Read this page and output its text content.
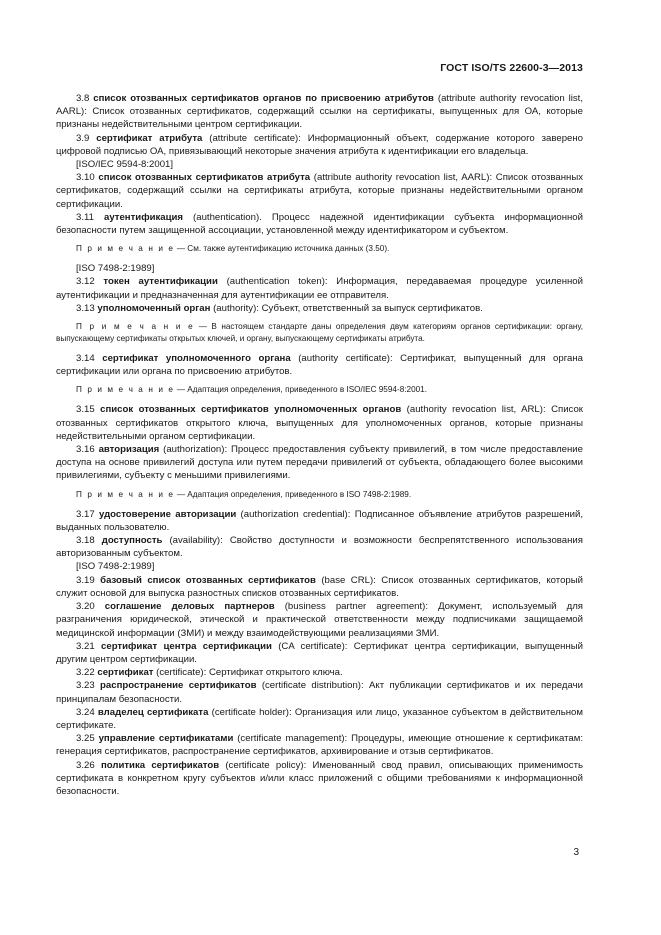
ГОСТ ISO/TS 22600-3—2013

3.8 список отозванных сертификатов органов по присвоению атрибутов (attribute authority revocation list, AARL): Список отозванных сертификатов, содержащий ссылки на сертификаты, выпущенных для ОА, которые признаны недействительными центром сертификации.

3.9 сертификат атрибута (attribute certificate): Информационный объект, содержание которого заверено цифровой подписью ОА, привязывающий некоторые значения атрибута к идентификации его владельца.

[ISO/IEC 9594-8:2001]

3.10 список отозванных сертификатов атрибута (attribute authority revocation list, AARL): Список отозванных сертификатов, содержащий ссылки на сертификаты атрибута, которые признаны недействительными органом сертификации.

3.11 аутентификация (authentication). Процесс надежной идентификации субъекта информационной безопасности путем защищенной ассоциации, установленной между идентификатором и субъектом.

П р и м е ч а н и е — См. также аутентификацию источника данных (3.50).

[ISO 7498-2:1989]

3.12 токен аутентификации (authentication token): Информация, передаваемая процедуре усиленной аутентификации и предназначенная для аутентификации ее отправителя.

3.13 уполномоченный орган (authority): Субъект, ответственный за выпуск сертификатов.

П р и м е ч а н и е — В настоящем стандарте даны определения двум категориям органов сертификации: органу, выпускающему сертификаты открытых ключей, и органу, выпускающему сертификаты атрибута.

3.14 сертификат уполномоченного органа (authority certificate): Сертификат, выпущенный для органа сертификации или органа по присвоению атрибутов.

П р и м е ч а н и е — Адаптация определения, приведенного в ISO/IEC 9594-8:2001.

3.15 список отозванных сертификатов уполномоченных органов (authority revocation list, ARL): Список отозванных сертификатов открытого ключа, выпущенных для уполномоченных органов, которые признаны недействительными органом сертификации.

3.16 авторизация (authorization): Процесс предоставления субъекту привилегий, в том числе предоставление доступа на основе привилегий доступа или путем передачи привилегий от субъекта, обладающего более высокими привилегиями, субъекту с меньшими привилегиями.

П р и м е ч а н и е — Адаптация определения, приведенного в ISO 7498-2:1989.

3.17 удостоверение авторизации (authorization credential): Подписанное объявление атрибутов разрешений, выданных пользователю.

3.18 доступность (availability): Свойство доступности и возможности беспрепятственного использования авторизованным субъектом.

[ISO 7498-2:1989]

3.19 базовый список отозванных сертификатов (base CRL): Список отозванных сертификатов, который служит основой для выпуска разностных списков отозванных сертификатов.

3.20 соглашение деловых партнеров (business partner agreement): Документ, используемый для разграничения юридической, этической и практической ответственности между подписчиками защищаемой медицинской информации (ЗМИ) и между взаимодействующими реализациями ЗМИ.

3.21 сертификат центра сертификации (CA certificate): Сертификат центра сертификации, выпущенный другим центром сертификации.

3.22 сертификат (certificate): Сертификат открытого ключа.

3.23 распространение сертификатов (certificate distribution): Акт публикации сертификатов и их передачи принципалам безопасности.

3.24 владелец сертификата (certificate holder): Организация или лицо, указанное субъектом в действительном сертификате.

3.25 управление сертификатами (certificate management): Процедуры, имеющие отношение к сертификатам: генерация сертификатов, распространение сертификатов, архивирование и отзыв сертификатов.

3.26 политика сертификатов (certificate policy): Именованный свод правил, описывающих применимость сертификата в конкретном кругу субъектов и/или класс приложений с общими требованиями к информационной безопасности.

3
